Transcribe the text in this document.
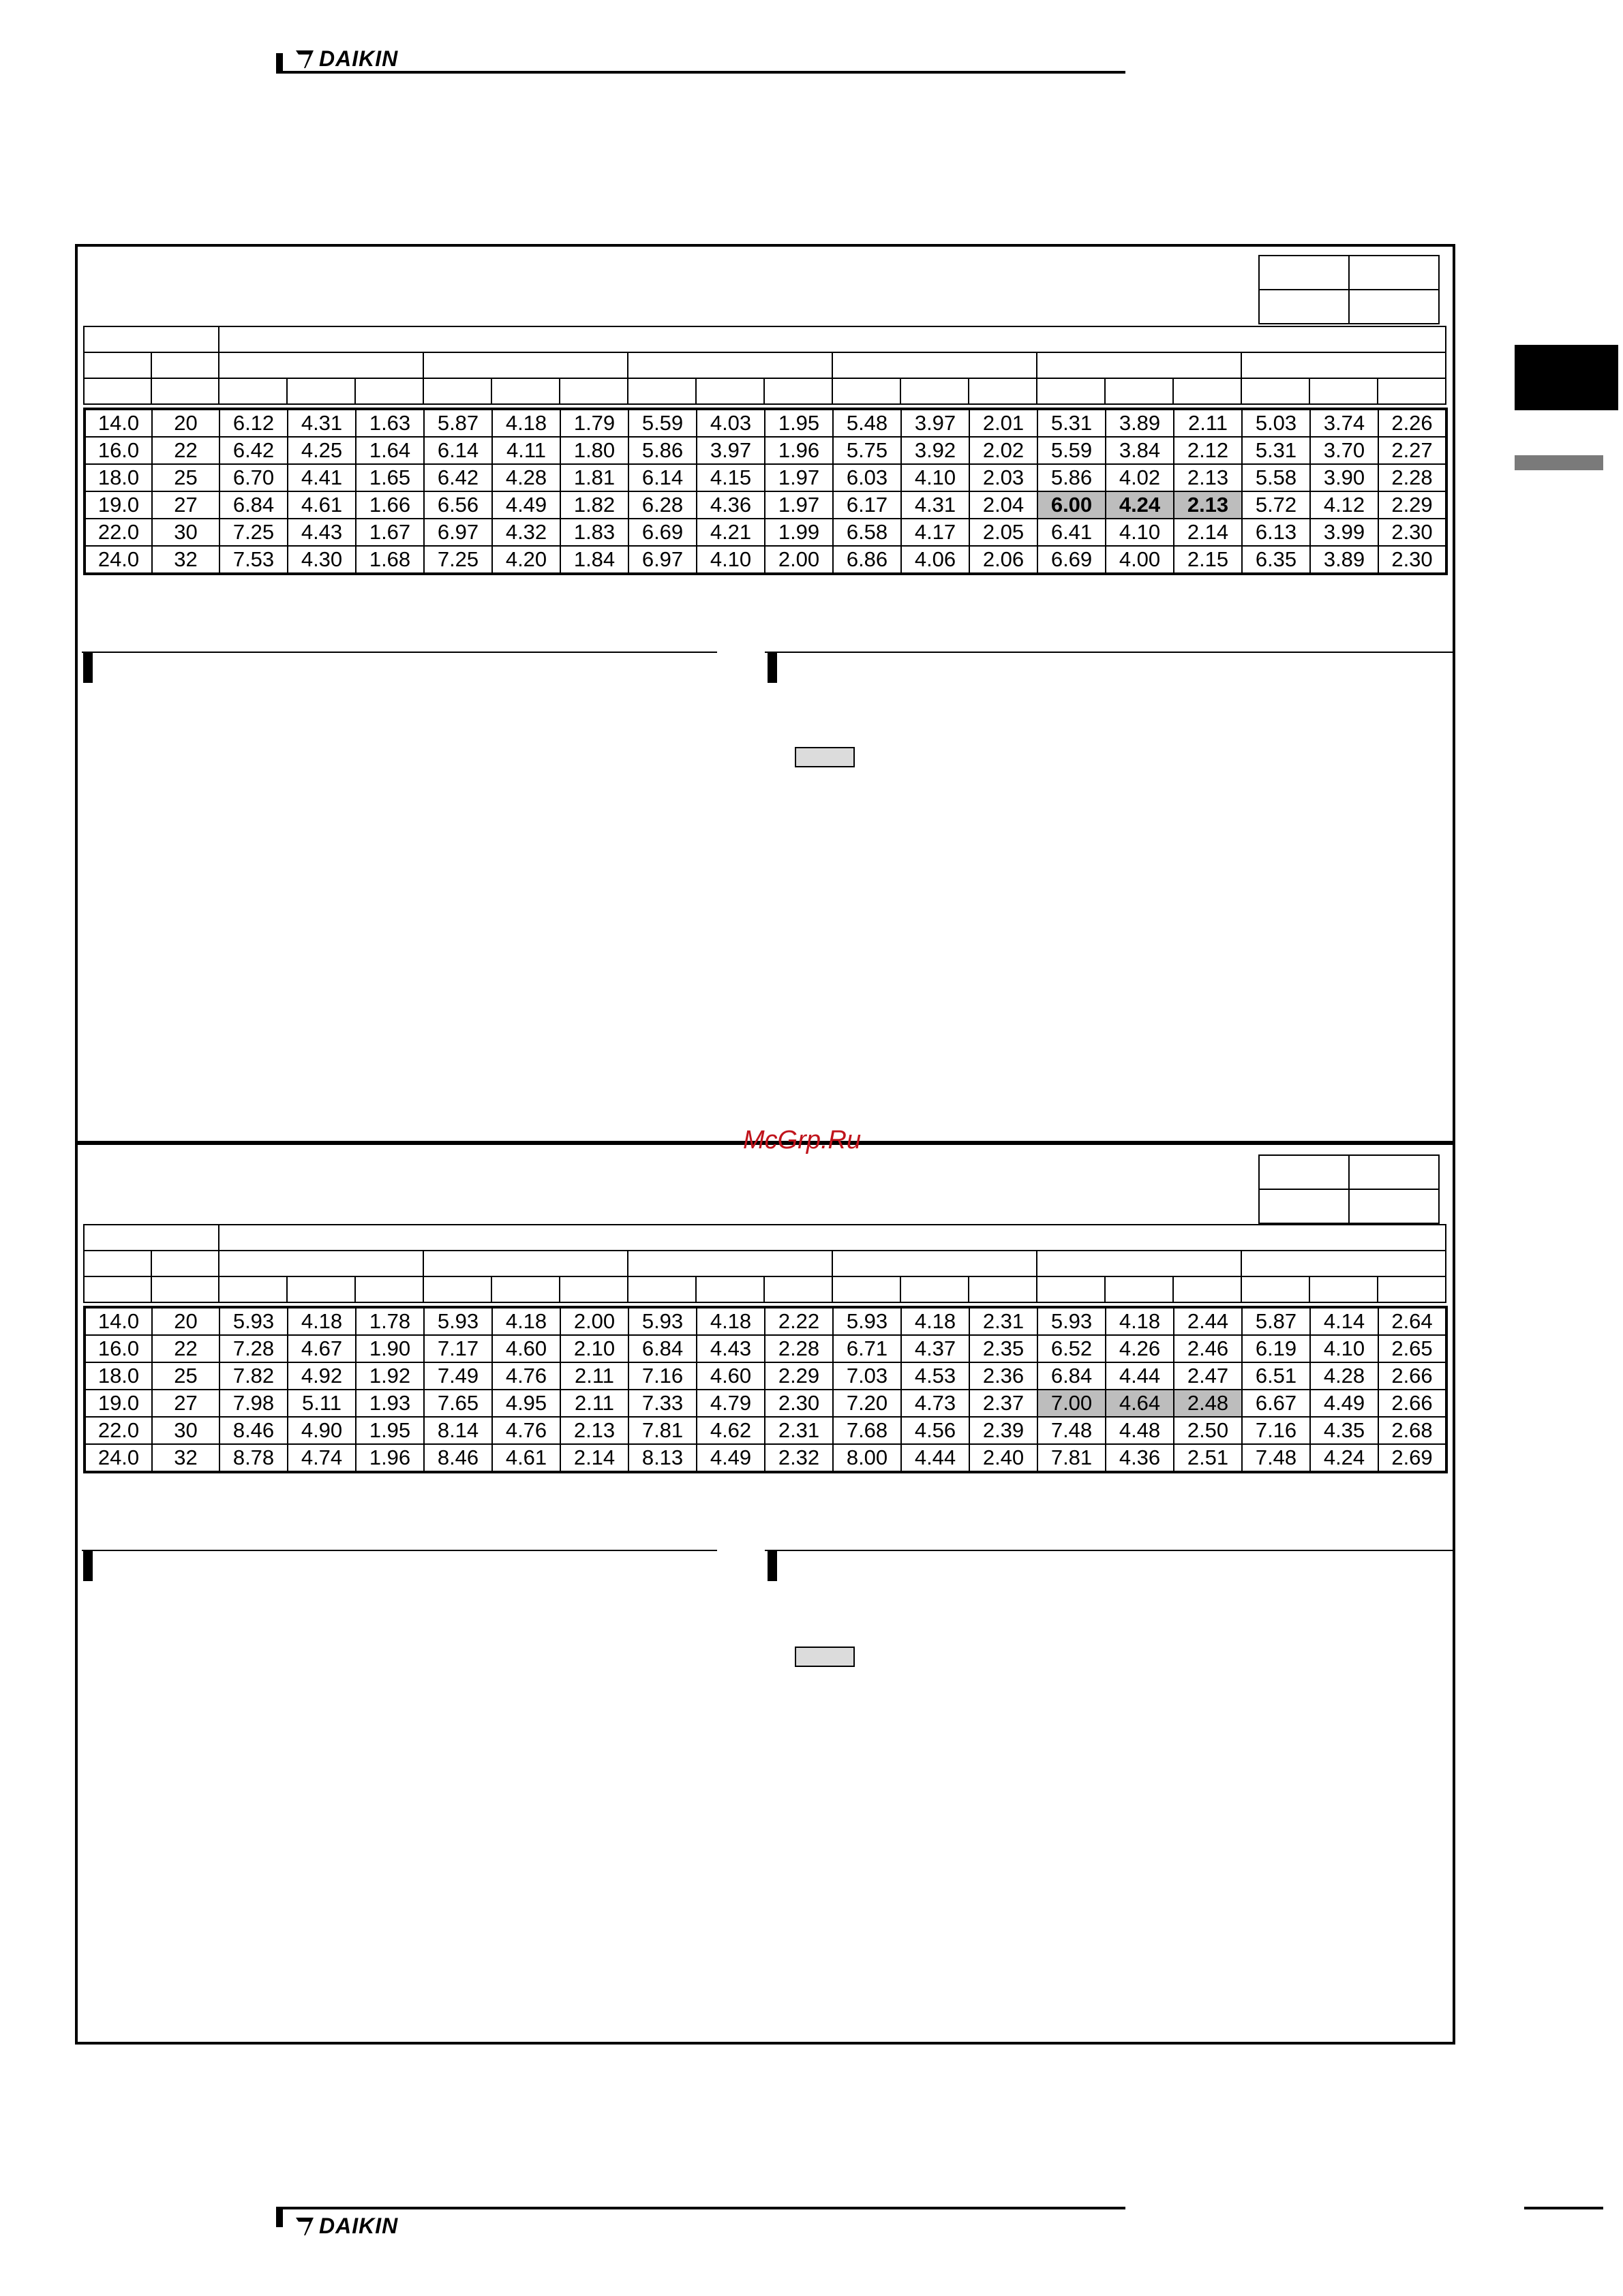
DAIKIN

14.0	20	6.12	4.31	1.63	5.87	4.18	1.79	5.59	4.03	1.95	5.48	3.97	2.01	5.31	3.89	2.11	5.03	3.74	2.26
16.0	22	6.42	4.25	1.64	6.14	4.11	1.80	5.86	3.97	1.96	5.75	3.92	2.02	5.59	3.84	2.12	5.31	3.70	2.27
18.0	25	6.70	4.41	1.65	6.42	4.28	1.81	6.14	4.15	1.97	6.03	4.10	2.03	5.86	4.02	2.13	5.58	3.90	2.28
19.0	27	6.84	4.61	1.66	6.56	4.49	1.82	6.28	4.36	1.97	6.17	4.31	2.04	6.00	4.24	2.13	5.72	4.12	2.29
22.0	30	7.25	4.43	1.67	6.97	4.32	1.83	6.69	4.21	1.99	6.58	4.17	2.05	6.41	4.10	2.14	6.13	3.99	2.30
24.0	32	7.53	4.30	1.68	7.25	4.20	1.84	6.97	4.10	2.00	6.86	4.06	2.06	6.69	4.00	2.15	6.35	3.89	2.30

14.0	20	5.93	4.18	1.78	5.93	4.18	2.00	5.93	4.18	2.22	5.93	4.18	2.31	5.93	4.18	2.44	5.87	4.14	2.64
16.0	22	7.28	4.67	1.90	7.17	4.60	2.10	6.84	4.43	2.28	6.71	4.37	2.35	6.52	4.26	2.46	6.19	4.10	2.65
18.0	25	7.82	4.92	1.92	7.49	4.76	2.11	7.16	4.60	2.29	7.03	4.53	2.36	6.84	4.44	2.47	6.51	4.28	2.66
19.0	27	7.98	5.11	1.93	7.65	4.95	2.11	7.33	4.79	2.30	7.20	4.73	2.37	7.00	4.64	2.48	6.67	4.49	2.66
22.0	30	8.46	4.90	1.95	8.14	4.76	2.13	7.81	4.62	2.31	7.68	4.56	2.39	7.48	4.48	2.50	7.16	4.35	2.68
24.0	32	8.78	4.74	1.96	8.46	4.61	2.14	8.13	4.49	2.32	8.00	4.44	2.40	7.81	4.36	2.51	7.48	4.24	2.69
McGrp.Ru
DAIKIN
